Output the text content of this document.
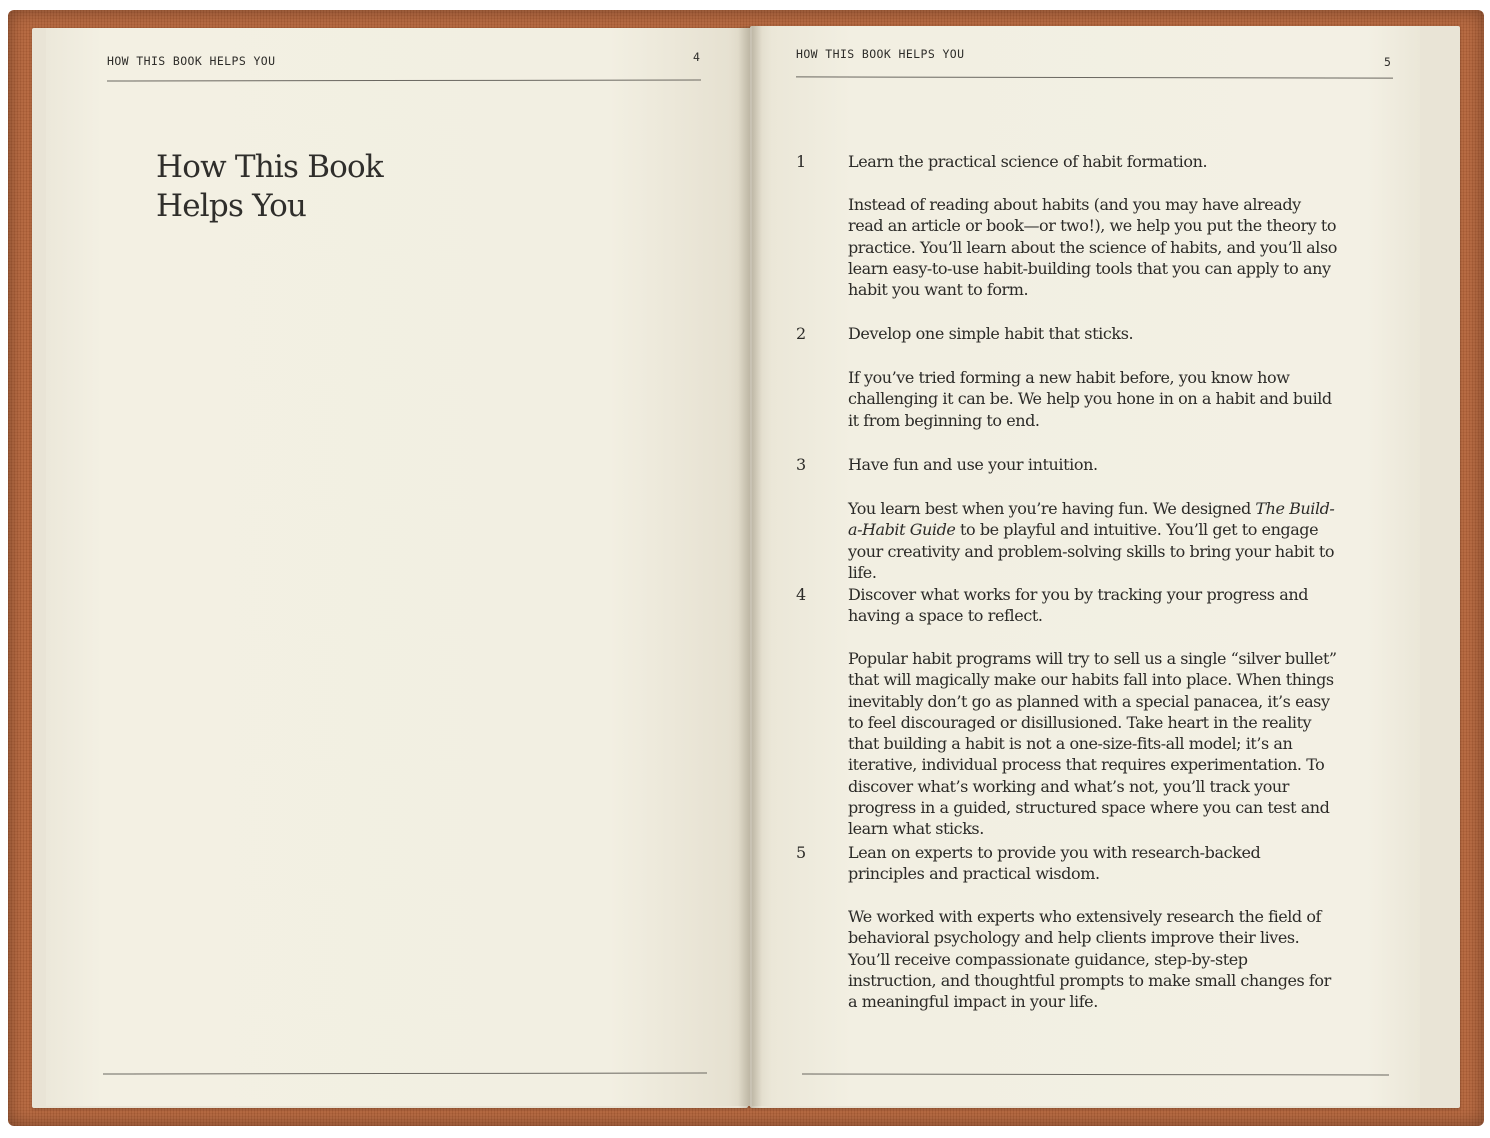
HOW THIS BOOK HELPS YOU	4
How This Book
Helps You
HOW THIS BOOK HELPS YOU
5
1	Learn the practical science of habit formation.
Instead of reading about habits (and you may have already read an article or book—or two!), we help you put the theory to practice. You’ll learn about the science of habits, and you’ll also learn easy-to-use habit-building tools that you can apply to any habit you want to form.
2	Develop one simple habit that sticks.
If you’ve tried forming a new habit before, you know how challenging it can be. We help you hone in on a habit and build it from beginning to end.
3	Have fun and use your intuition.
You learn best when you’re having fun. We designed The Build-a-Habit Guide to be playful and intuitive. You’ll get to engage your creativity and problem-solving skills to bring your habit to life.
4	Discover what works for you by tracking your progress and having a space to reflect.
Popular habit programs will try to sell us a single “silver bullet” that will magically make our habits fall into place. When things inevitably don’t go as planned with a special panacea, it’s easy to feel discouraged or disillusioned. Take heart in the reality that building a habit is not a one-size-fits-all model; it’s an iterative, individual process that requires experimentation. To discover what’s working and what’s not, you’ll track your progress in a guided, structured space where you can test and learn what sticks.
5	Lean on experts to provide you with research-backed principles and practical wisdom.
We worked with experts who extensively research the field of behavioral psychology and help clients improve their lives. You’ll receive compassionate guidance, step-by-step instruction, and thoughtful prompts to make small changes for a meaningful impact in your life.
